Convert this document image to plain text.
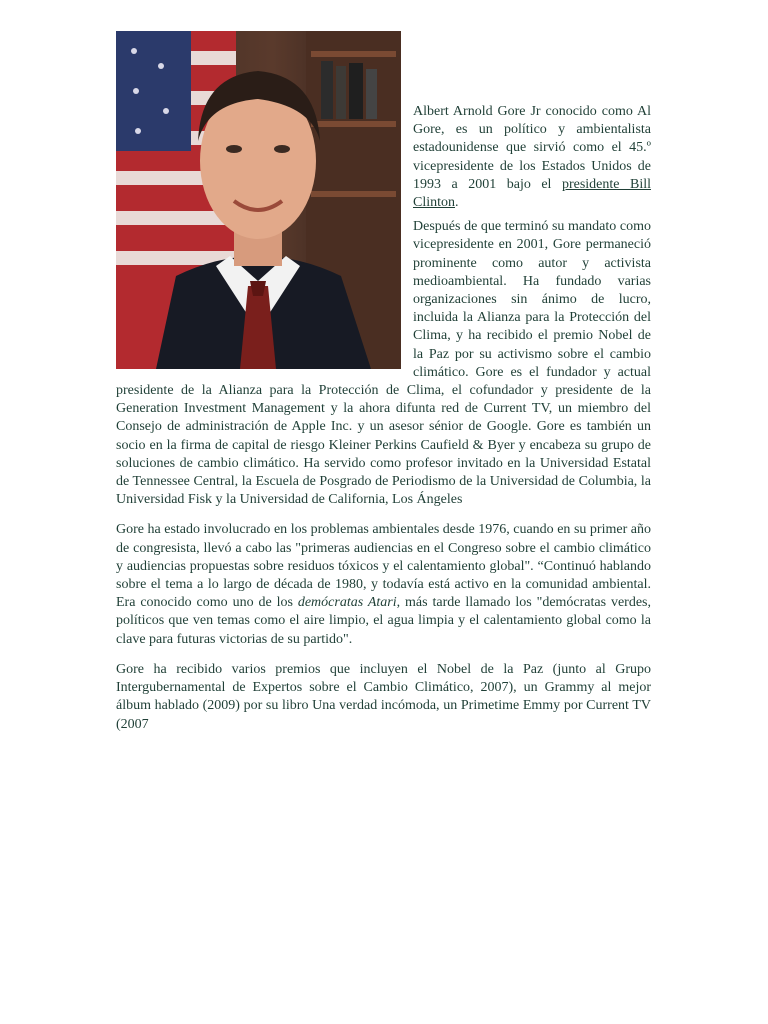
Albert Arnold Gore Jr conocido como Al Gore, es un político y ambientalista estadounidense que sirvió como el 45.º vicepresidente de los Estados Unidos de 1993 a 2001 bajo el presidente Bill Clinton.

Después de que terminó su mandato como vicepresidente en 2001, Gore permaneció prominente como autor y activista medioambiental. Ha fundado varias organizaciones sin ánimo de lucro, incluida la Alianza para la Protección del Clima, y ha recibido el premio Nobel de la Paz por su activismo sobre el cambio climático. Gore es el fundador y actual presidente de la Alianza para la Protección de Clima, el cofundador y presidente de la Generation Investment Management y la ahora difunta red de Current TV, un miembro del Consejo de administración de Apple Inc. y un asesor sénior de Google. Gore es también un socio en la firma de capital de riesgo Kleiner Perkins Caufield & Byer y encabeza su grupo de soluciones de cambio climático. Ha servido como profesor invitado en la Universidad Estatal de Tennessee Central, la Escuela de Posgrado de Periodismo de la Universidad de Columbia, la Universidad Fisk y la Universidad de California, Los Ángeles

Gore ha estado involucrado en los problemas ambientales desde 1976, cuando en su primer año de congresista, llevó a cabo las "primeras audiencias en el Congreso sobre el cambio climático y audiencias propuestas sobre residuos tóxicos y el calentamiento global". “Continuó hablando sobre el tema a lo largo de década de 1980, y todavía está activo en la comunidad ambiental. Era conocido como uno de los demócratas Atari, más tarde llamado los "demócratas verdes, políticos que ven temas como el aire limpio, el agua limpia y el calentamiento global como la clave para futuras victorias de su partido".

Gore ha recibido varios premios que incluyen el Nobel de la Paz (junto al Grupo Intergubernamental de Expertos sobre el Cambio Climático, 2007), un Grammy al mejor álbum hablado (2009) por su libro Una verdad incómoda, un Primetime Emmy por Current TV (2007
